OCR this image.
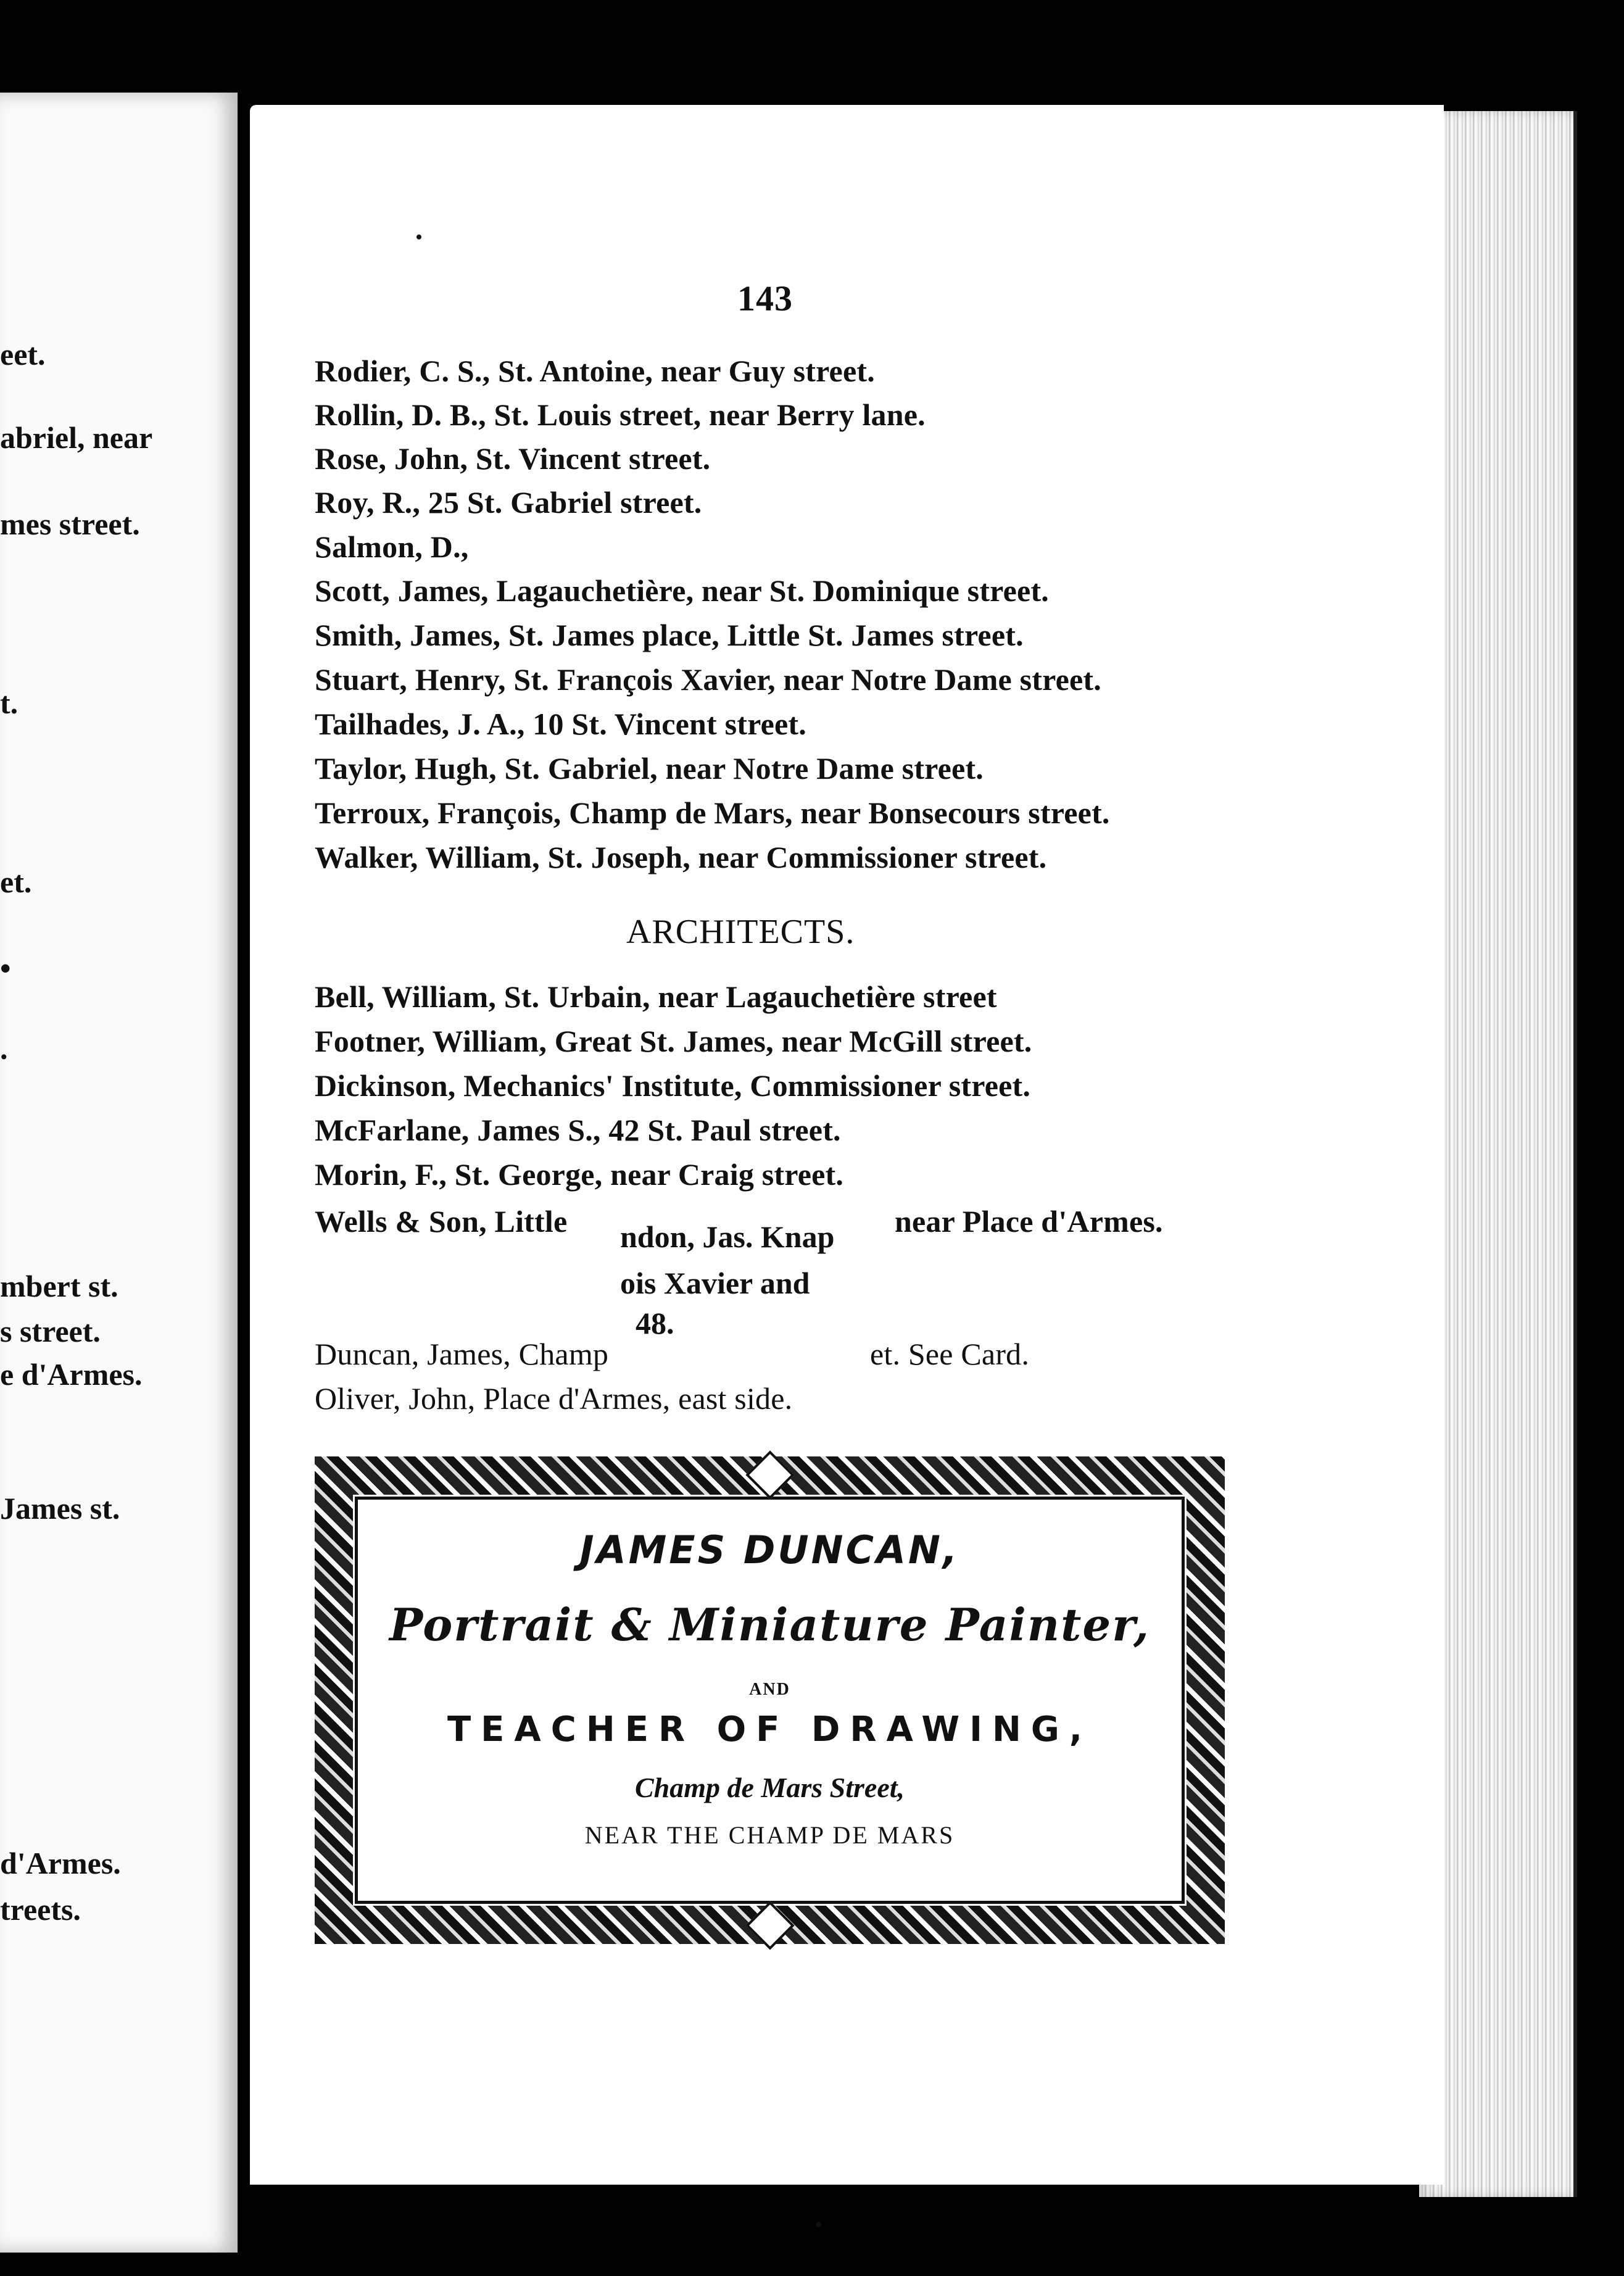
eet.
abriel, near
mes street.
t.
et.
•
.
mbert st.
s street.
e d'Armes.
James st.
d'Armes.
treets.
143
Rodier, C. S., St. Antoine, near Guy street.
Rollin, D. B., St. Louis street, near Berry lane.
Rose, John, St. Vincent street.
Roy, R., 25 St. Gabriel street.
Salmon, D.,
Scott, James, Lagauchetière, near St. Dominique street.
Smith, James, St. James place, Little St. James street.
Stuart, Henry, St. François Xavier, near Notre Dame street.
Tailhades, J. A., 10 St. Vincent street.
Taylor, Hugh, St. Gabriel, near Notre Dame street.
Terroux, François, Champ de Mars, near Bonsecours street.
Walker, William, St. Joseph, near Commissioner street.
ARCHITECTS.
Bell, William, St. Urbain, near Lagauchetière street
Footner, William, Great St. James, near McGill street.
Dickinson, Mechanics' Institute, Commissioner street.
McFarlane, James S., 42 St. Paul street.
Morin, F., St. George, near Craig street.
Wells & Son, Little	near Place d'Armes.
ndon, Jas. Knap
ois Xavier and
48.
Duncan, James, Champ	et. See Card.
Oliver, John, Place d'Armes, east side.
JAMES DUNCAN,
Portrait & Miniature Painter,
AND
TEACHER OF DRAWING,
Champ de Mars Street,
NEAR THE CHAMP DE MARS
